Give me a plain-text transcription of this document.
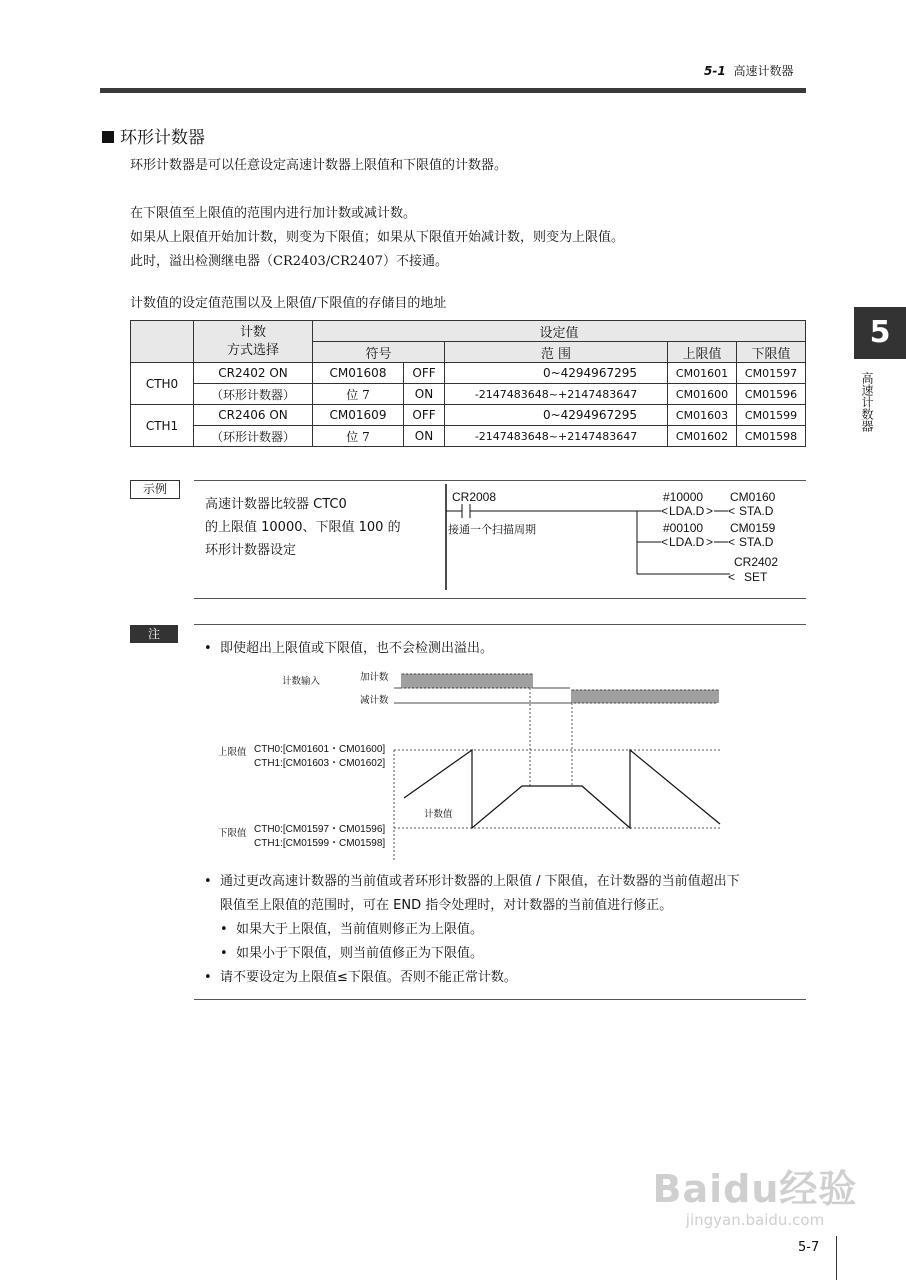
5-1 高速计数器
5
高速计数器
环形计数器
环形计数器是可以任意设定高速计数器上限值和下限值的计数器。
在下限值至上限值的范围内进行加计数或减计数。
如果从上限值开始加计数，则变为下限值；如果从下限值开始减计数，则变为上限值。
此时，溢出检测继电器（CR2403/CR2407）不接通。
计数值的设定值范围以及上限值/下限值的存储目的地址
	计数
方式选择	设定值				
		符号		范 围	上限值	下限值
CTH0	CR2402 ON	CM01608	OFF	0~4294967295	CM01601	CM01597
	（环形计数器）	位 7	ON	-2147483648~+2147483647	CM01600	CM01596
CTH1	CR2406 ON	CM01609	OFF	0~4294967295	CM01603	CM01599
	（环形计数器）	位 7	ON	-2147483648~+2147483647	CM01602	CM01598
示例
高速计数器比较器 CTC0
的上限值 10000、下限值 100 的
环形计数器设定
CR2008
接通一个扫描周期
#10000
< LDA.D >
CM0160
< STA.D
#00100
< LDA.D >
CM0159
< STA.D
CR2402
< SET
注
• 即使超出上限值或下限值，也不会检测出溢出。
计数输入	加计数
减计数
计数值
上限值 CTH0:[CM01601・CM01600]
CTH1:[CM01603・CM01602]
下限值 CTH0:[CM01597・CM01596]
CTH1:[CM01599・CM01598]
• 通过更改高速计数器的当前值或者环形计数器的上限值 / 下限值，在计数器的当前值超出下
限值至上限值的范围时，可在 END 指令处理时，对计数器的当前值进行修正。
• 如果大于上限值，当前值则修正为上限值。
• 如果小于下限值，则当前值修正为下限值。
• 请不要设定为上限值≤下限值。否则不能正常计数。
Baidu经验
jingyan.baidu.com
5-7
